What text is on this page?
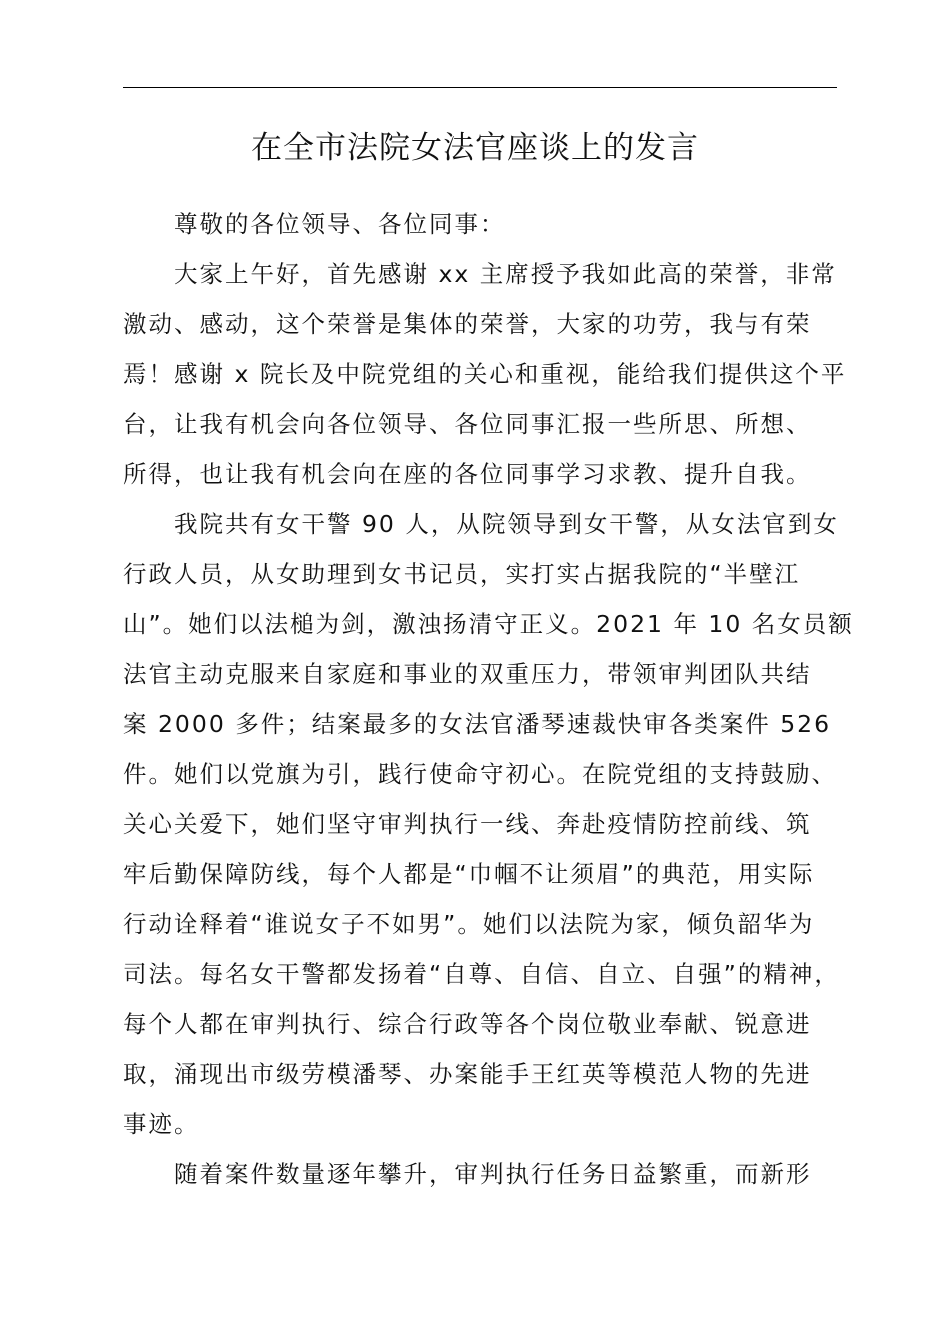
在全市法院女法官座谈上的发言
尊敬的各位领导、各位同事：
大家上午好，首先感谢 xx 主席授予我如此高的荣誉，非常
激动、感动，这个荣誉是集体的荣誉，大家的功劳，我与有荣
焉！感谢 x 院长及中院党组的关心和重视，能给我们提供这个平
台，让我有机会向各位领导、各位同事汇报一些所思、所想、
所得，也让我有机会向在座的各位同事学习求教、提升自我。
我院共有女干警 90 人，从院领导到女干警，从女法官到女
行政人员，从女助理到女书记员，实打实占据我院的“半壁江
山”。她们以法槌为剑，激浊扬清守正义。2021 年 10 名女员额
法官主动克服来自家庭和事业的双重压力，带领审判团队共结
案 2000 多件；结案最多的女法官潘琴速裁快审各类案件 526
件。她们以党旗为引，践行使命守初心。在院党组的支持鼓励、
关心关爱下，她们坚守审判执行一线、奔赴疫情防控前线、筑
牢后勤保障防线，每个人都是“巾帼不让须眉”的典范，用实际
行动诠释着“谁说女子不如男”。她们以法院为家，倾负韶华为
司法。每名女干警都发扬着“自尊、自信、自立、自强”的精神，
每个人都在审判执行、综合行政等各个岗位敬业奉献、锐意进
取，涌现出市级劳模潘琴、办案能手王红英等模范人物的先进
事迹。
随着案件数量逐年攀升，审判执行任务日益繁重，而新形
